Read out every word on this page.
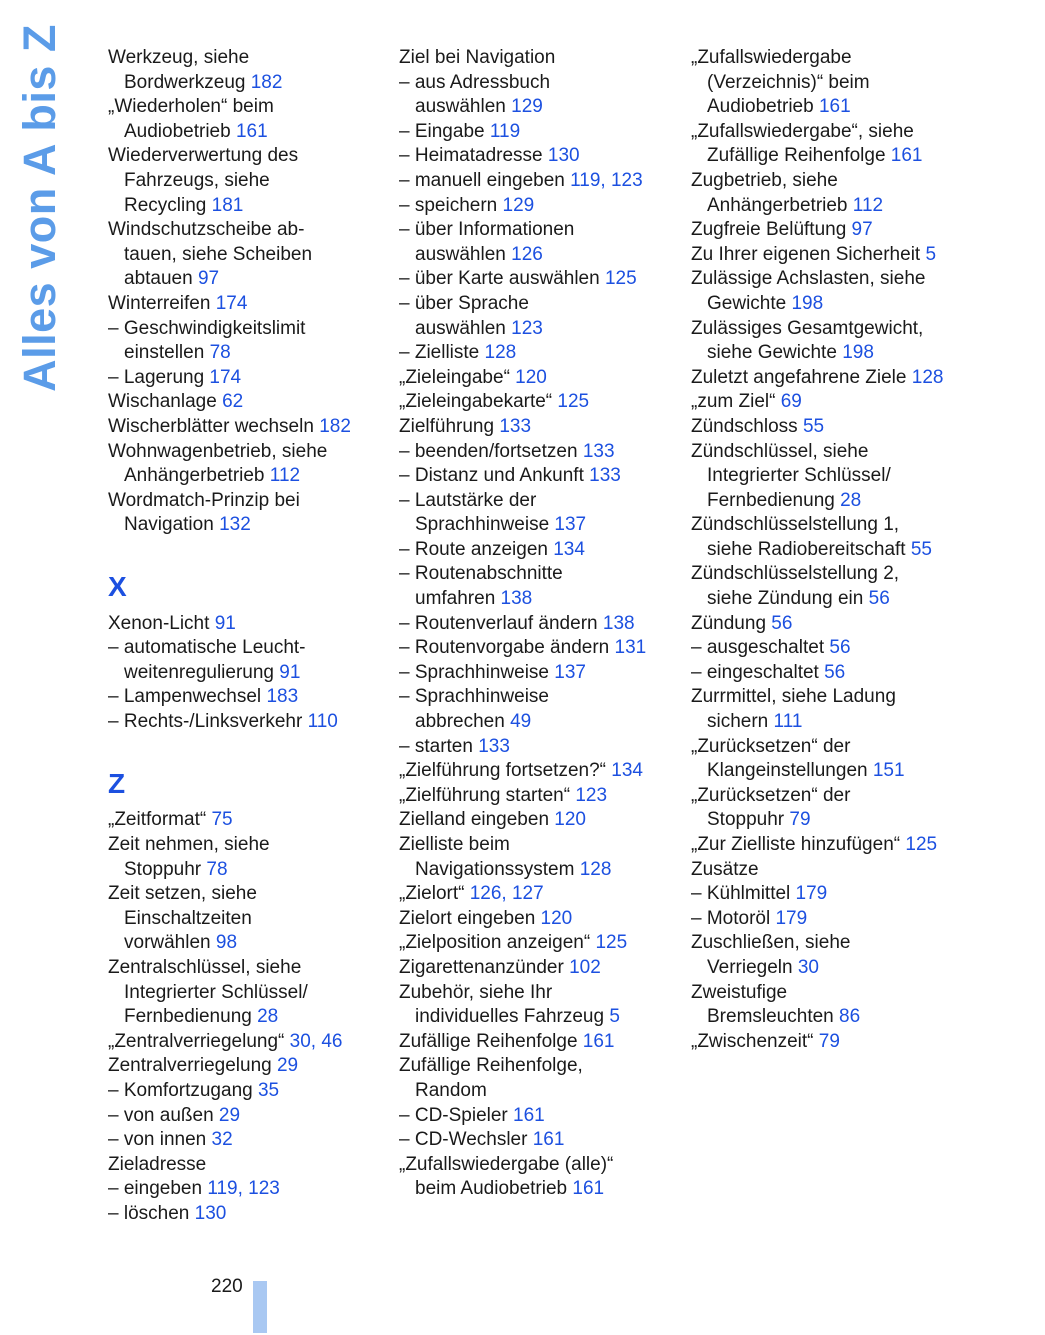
Alles von A bis Z Werkzeug, siehe
Bordwerkzeug 182
„Wiederholen“ beim
Audiobetrieb 161
Wiederverwertung des
Fahrzeugs, siehe
Recycling 181
Windschutzscheibe ab-
tauen, siehe Scheiben
abtauen 97
Winterreifen 174
– Geschwindigkeitslimit
einstellen 78
– Lagerung 174
Wischanlage 62
Wischerblätter wechseln 182
Wohnwagenbetrieb, siehe
Anhängerbetrieb 112
Wordmatch-Prinzip bei
Navigation 132
X
Xenon-Licht 91
– automatische Leucht-
weitenregulierung 91
– Lampenwechsel 183
– Rechts-/Linksverkehr 110
Z
„Zeitformat“ 75
Zeit nehmen, siehe
Stoppuhr 78
Zeit setzen, siehe
Einschaltzeiten
vorwählen 98
Zentralschlüssel, siehe
Integrierter Schlüssel/
Fernbedienung 28
„Zentralverriegelung“ 30, 46
Zentralverriegelung 29
– Komfortzugang 35
– von außen 29
– von innen 32
Zieladresse
– eingeben 119, 123
– löschen 130
Ziel bei Navigation
– aus Adressbuch
auswählen 129
– Eingabe 119
– Heimatadresse 130
– manuell eingeben 119, 123
– speichern 129
– über Informationen
auswählen 126
– über Karte auswählen 125
– über Sprache
auswählen 123
– Zielliste 128
„Zieleingabe“ 120
„Zieleingabekarte“ 125
Zielführung 133
– beenden/fortsetzen 133
– Distanz und Ankunft 133
– Lautstärke der
Sprachhinweise 137
– Route anzeigen 134
– Routenabschnitte
umfahren 138
– Routenverlauf ändern 138
– Routenvorgabe ändern 131
– Sprachhinweise 137
– Sprachhinweise
abbrechen 49
– starten 133
„Zielführung fortsetzen?“ 134
„Zielführung starten“ 123
Zielland eingeben 120
Zielliste beim
Navigationssystem 128
„Zielort“ 126, 127
Zielort eingeben 120
„Zielposition anzeigen“ 125
Zigarettenanzünder 102
Zubehör, siehe Ihr
individuelles Fahrzeug 5
Zufällige Reihenfolge 161
Zufällige Reihenfolge,
Random
– CD-Spieler 161
– CD-Wechsler 161
„Zufallswiedergabe (alle)“
beim Audiobetrieb 161
„Zufallswiedergabe
(Verzeichnis)“ beim
Audiobetrieb 161
„Zufallswiedergabe“, siehe
Zufällige Reihenfolge 161
Zugbetrieb, siehe
Anhängerbetrieb 112
Zugfreie Belüftung 97
Zu Ihrer eigenen Sicherheit 5
Zulässige Achslasten, siehe
Gewichte 198
Zulässiges Gesamtgewicht,
siehe Gewichte 198
Zuletzt angefahrene Ziele 128
„zum Ziel“ 69
Zündschloss 55
Zündschlüssel, siehe
Integrierter Schlüssel/
Fernbedienung 28
Zündschlüsselstellung 1,
siehe Radiobereitschaft 55
Zündschlüsselstellung 2,
siehe Zündung ein 56
Zündung 56
– ausgeschaltet 56
– eingeschaltet 56
Zurrmittel, siehe Ladung
sichern 111
„Zurücksetzen“ der
Klangeinstellungen 151
„Zurücksetzen“ der
Stoppuhr 79
„Zur Zielliste hinzufügen“ 125
Zusätze
– Kühlmittel 179
– Motoröl 179
Zuschließen, siehe
Verriegeln 30
Zweistufige
Bremsleuchten 86
„Zwischenzeit“ 79
220
